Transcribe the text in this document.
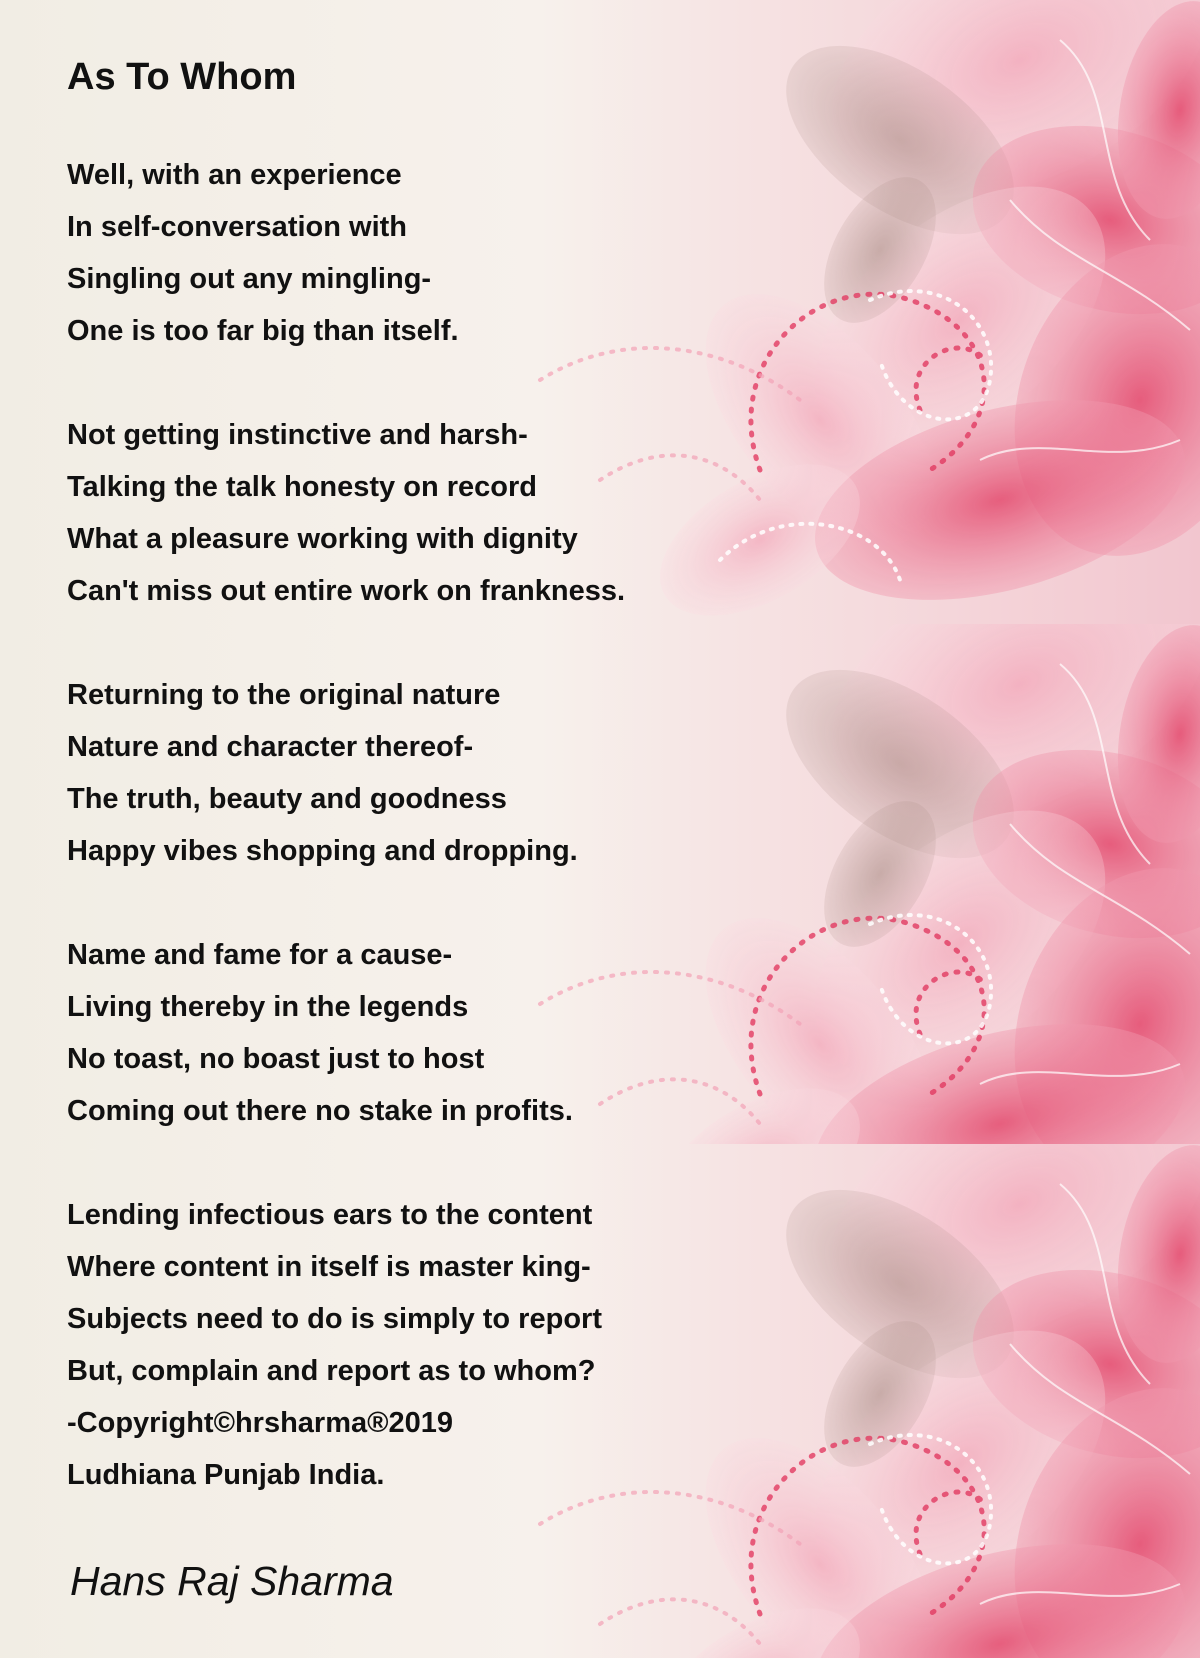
As To Whom
Well, with an experience
In self-conversation with
Singling out any mingling-
One is too far big than itself.
Not getting instinctive and harsh-
Talking the talk honesty on record
What a pleasure working with dignity
Can't miss out entire work on frankness.
Returning to the original nature
Nature and character thereof-
The truth, beauty and goodness
Happy vibes shopping and dropping.
Name and fame for a cause-
Living thereby in the legends
No toast, no boast just to host
Coming out there no stake in profits.
Lending infectious ears to the content
Where content in itself is master king-
Subjects need to do is simply to report
But, complain and report as to whom?
-Copyright©hrsharma®2019
Ludhiana Punjab India.
Hans Raj Sharma
